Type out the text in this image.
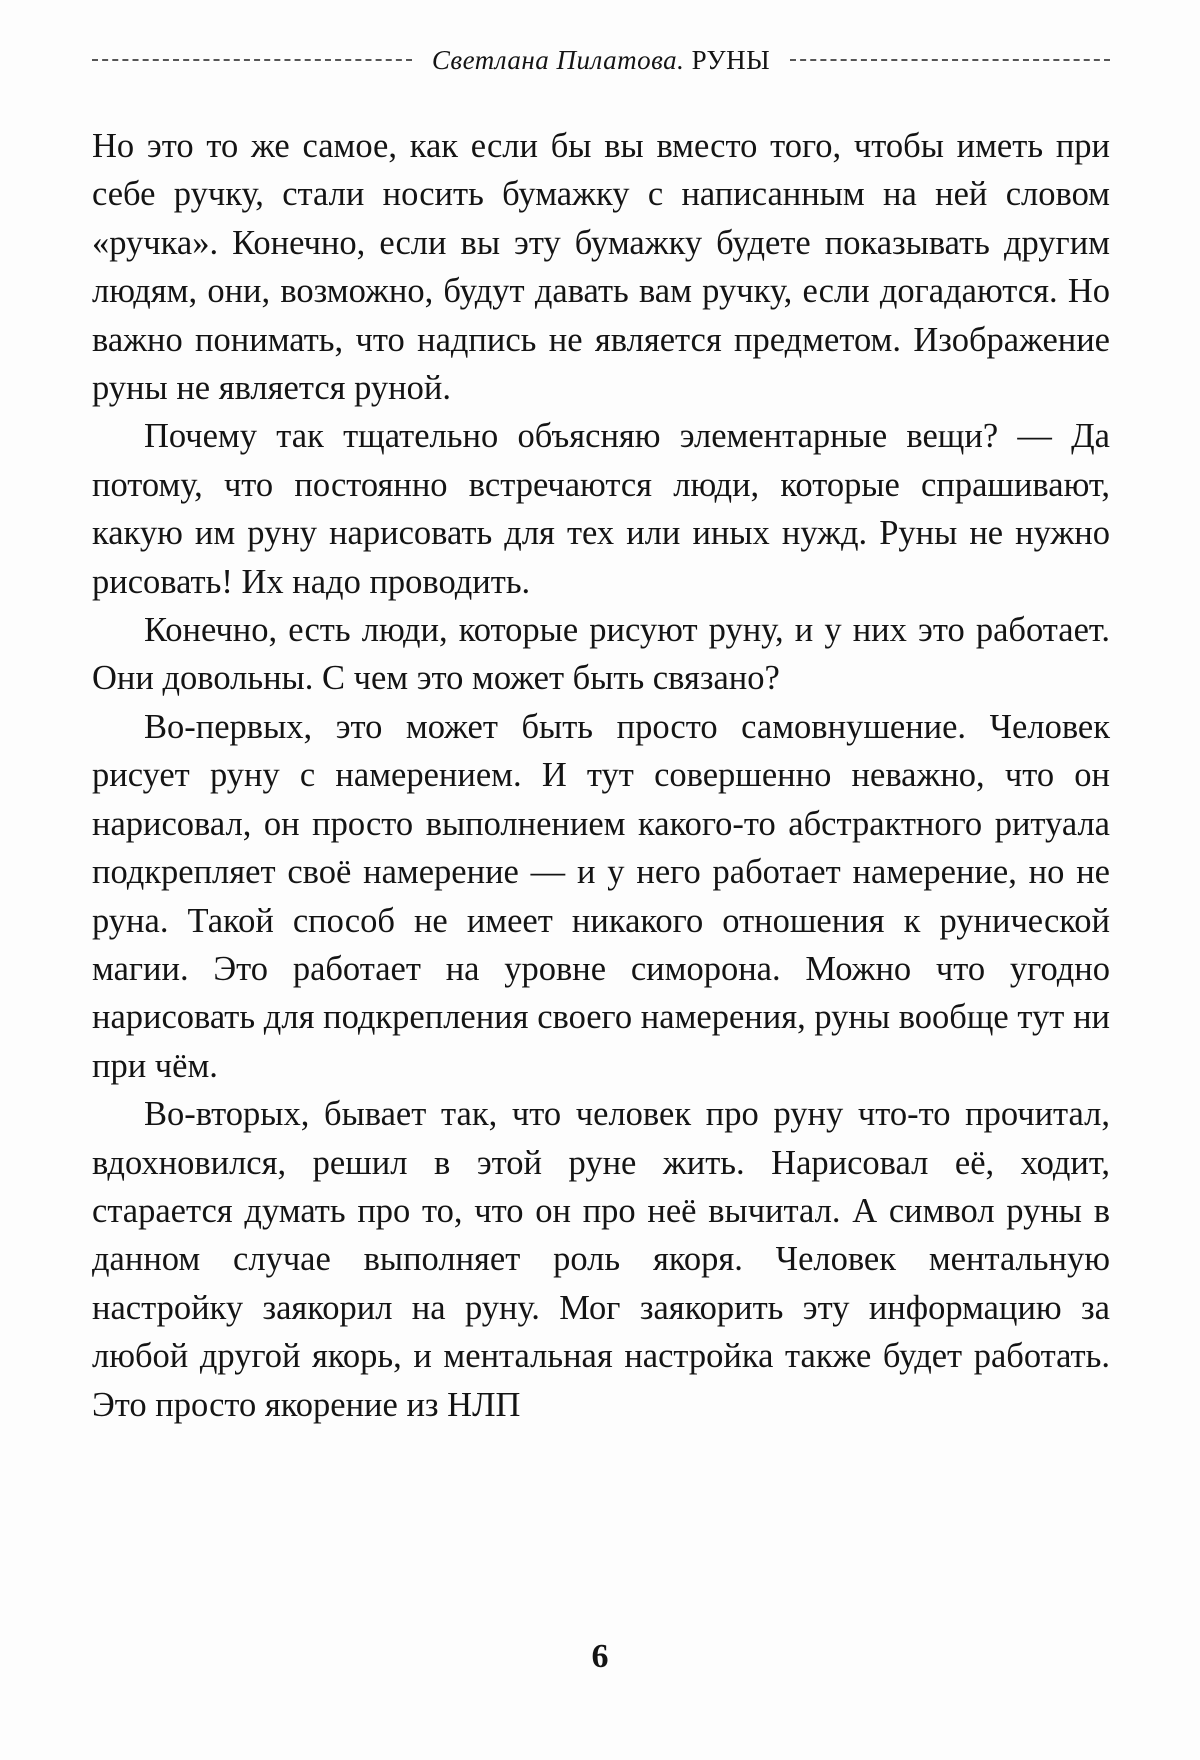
Светлана Пилатова. РУНЫ

Но это то же самое, как если бы вы вместо того, чтобы иметь при себе ручку, стали носить бумажку с написанным на ней словом «ручка». Конечно, если вы эту бумажку будете показывать другим людям, они, возможно, будут давать вам ручку, если догадаются. Но важно понимать, что надпись не является предметом. Изображение руны не является руной.

Почему так тщательно объясняю элементарные вещи? — Да потому, что постоянно встречаются люди, которые спрашивают, какую им руну нарисовать для тех или иных нужд. Руны не нужно рисовать! Их надо проводить.

Конечно, есть люди, которые рисуют руну, и у них это работает. Они довольны. С чем это может быть связано?

Во-первых, это может быть просто самовнушение. Человек рисует руну с намерением. И тут совершенно неважно, что он нарисовал, он просто выполнением какого-то абстрактного ритуала подкрепляет своё намерение — и у него работает намерение, но не руна. Такой способ не имеет никакого отношения к рунической магии. Это работает на уровне симорона. Можно что угодно нарисовать для подкрепления своего намерения, руны вообще тут ни при чём.

Во-вторых, бывает так, что человек про руну что-то прочитал, вдохновился, решил в этой руне жить. Нарисовал её, ходит, старается думать про то, что он про неё вычитал. А символ руны в данном случае выполняет роль якоря. Человек ментальную настройку заякорил на руну. Мог заякорить эту информацию за любой другой якорь, и ментальная настройка также будет работать. Это просто якорение из НЛП

6
